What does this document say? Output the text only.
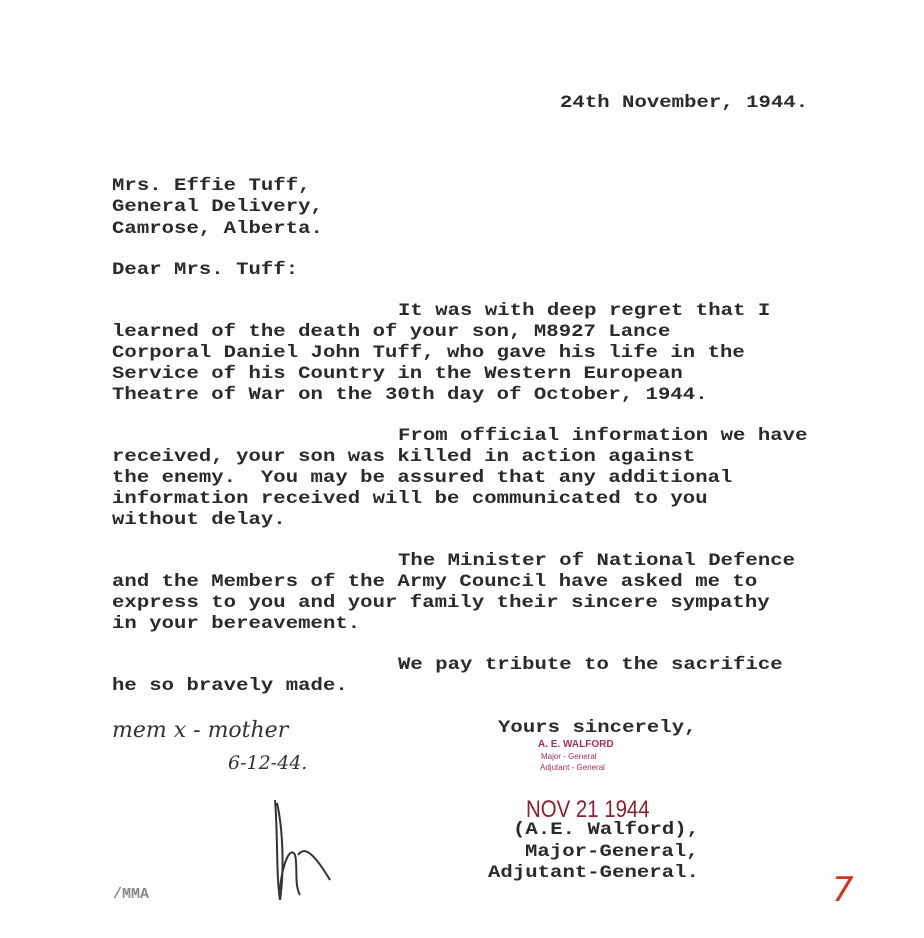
24th November, 1944.
Mrs. Effie Tuff,
General Delivery,
Camrose, Alberta.
Dear Mrs. Tuff:
It was with deep regret that I
learned of the death of your son, M8927 Lance
Corporal Daniel John Tuff, who gave his life in the
Service of his Country in the Western European
Theatre of War on the 30th day of October, 1944.
From official information we have
received, your son was killed in action against
the enemy.  You may be assured that any additional
information received will be communicated to you
without delay.
The Minister of National Defence
and the Members of the Army Council have asked me to
express to you and your family their sincere sympathy
in your bereavement.
We pay tribute to the sacrifice
he so bravely made.
mem x - mother
6-12-44.
Yours sincerely,
A. E. WALFORD
Major - General
Adjutant - General
NOV 21 1944
(A.E. Walford),
Major-General,
Adjutant-General.
/MMA	7
